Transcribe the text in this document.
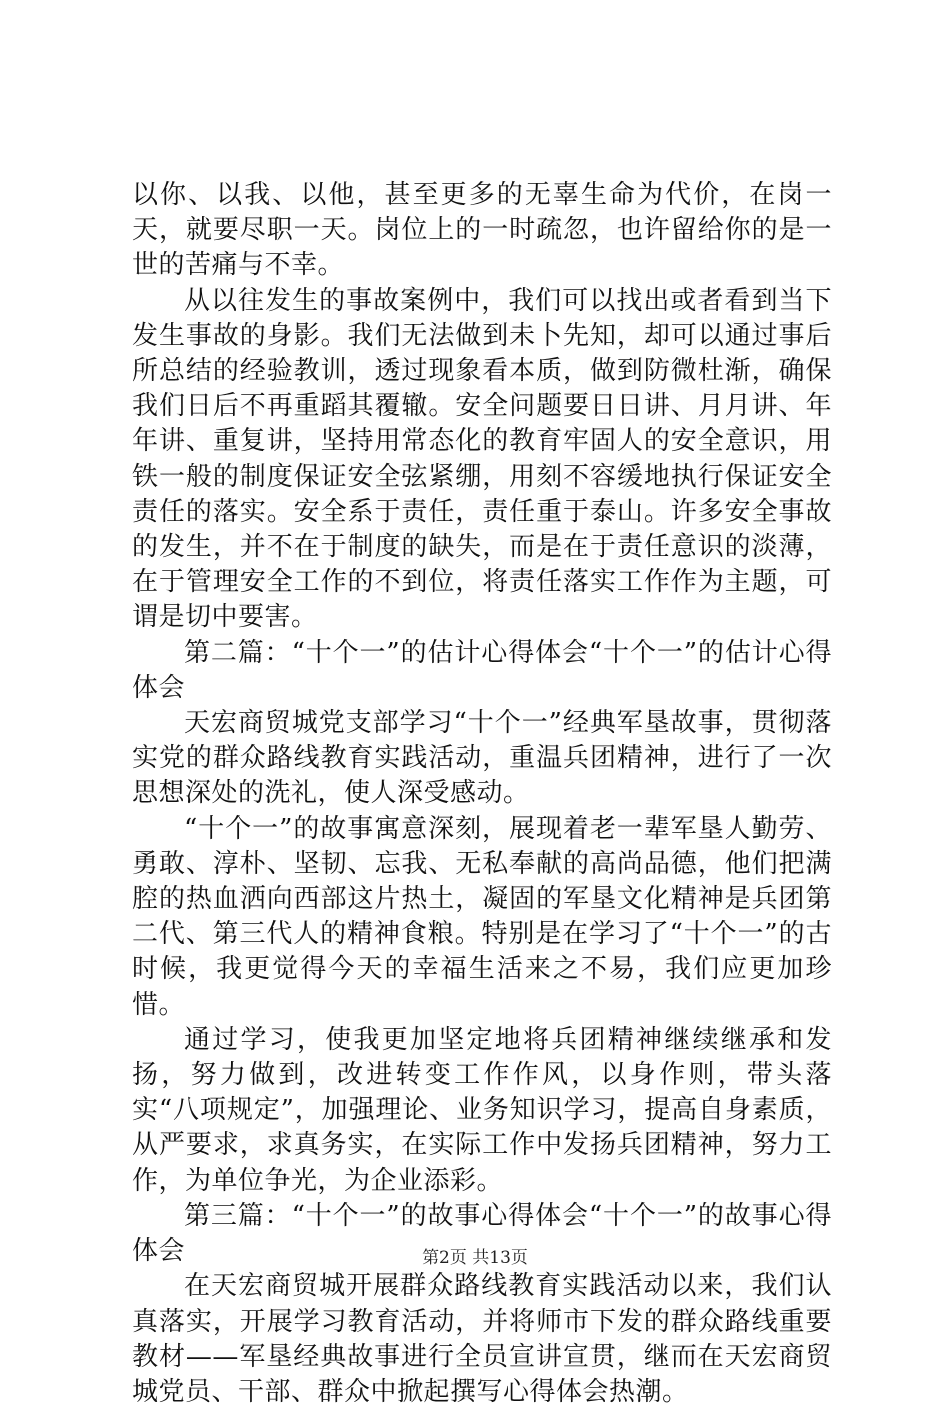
以你、以我、以他，甚至更多的无辜生命为代价，在岗一天，就要尽职一天。岗位上的一时疏忽，也许留给你的是一世的苦痛与不幸。

从以往发生的事故案例中，我们可以找出或者看到当下发生事故的身影。我们无法做到未卜先知，却可以通过事后所总结的经验教训，透过现象看本质，做到防微杜渐，确保我们日后不再重蹈其覆辙。安全问题要日日讲、月月讲、年年讲、重复讲，坚持用常态化的教育牢固人的安全意识，用铁一般的制度保证安全弦紧绷，用刻不容缓地执行保证安全责任的落实。安全系于责任，责任重于泰山。许多安全事故的发生，并不在于制度的缺失，而是在于责任意识的淡薄，在于管理安全工作的不到位，将责任落实工作作为主题，可谓是切中要害。

第二篇：“十个一”的估计心得体会“十个一”的估计心得体会

天宏商贸城党支部学习“十个一”经典军垦故事，贯彻落实党的群众路线教育实践活动，重温兵团精神，进行了一次思想深处的洗礼，使人深受感动。

“十个一”的故事寓意深刻，展现着老一辈军垦人勤劳、勇敢、淳朴、坚韧、忘我、无私奉献的高尚品德，他们把满腔的热血洒向西部这片热土，凝固的军垦文化精神是兵团第二代、第三代人的精神食粮。特别是在学习了“十个一”的古时候，我更觉得今天的幸福生活来之不易，我们应更加珍惜。

通过学习，使我更加坚定地将兵团精神继续继承和发扬，努力做到，改进转变工作作风，以身作则，带头落实“八项规定”，加强理论、业务知识学习，提高自身素质，从严要求，求真务实，在实际工作中发扬兵团精神，努力工作，为单位争光，为企业添彩。

第三篇：“十个一”的故事心得体会“十个一”的故事心得体会

在天宏商贸城开展群众路线教育实践活动以来，我们认真落实，开展学习教育活动，并将师市下发的群众路线重要教材——军垦经典故事进行全员宣讲宣贯，继而在天宏商贸城党员、干部、群众中掀起撰写心得体会热潮。

第2页 共13页
